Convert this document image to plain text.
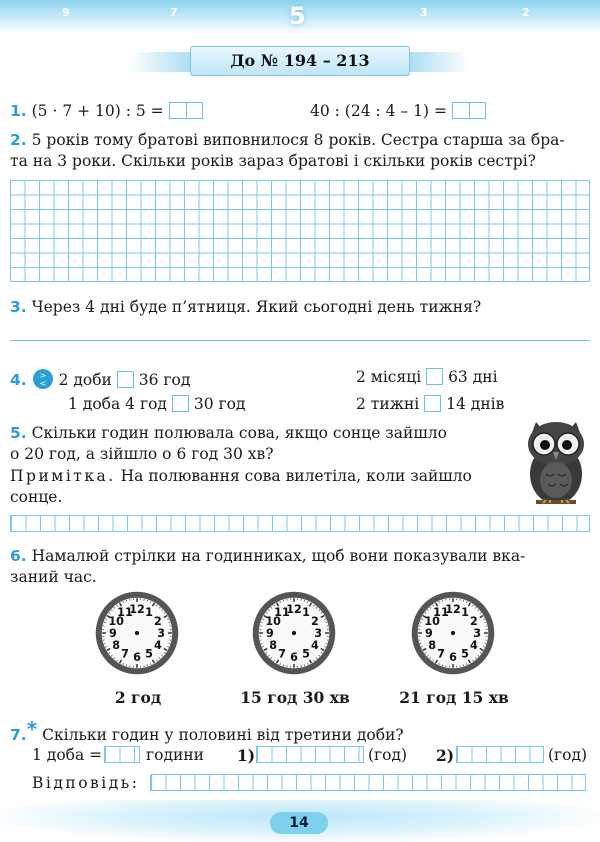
9	7	5	3	2
До № 194 – 213
1. (5 · 7 + 10) : 5 =	40 : (24 : 4 – 1) =
2. 5 років тому братові виповнилося 8 років. Сестра старша за бра-
та на 3 роки. Скільки років зараз братові і скільки років сестрі?
3. Через 4 дні буде п’ятниця. Який сьогодні день тижня?
4. >
< 2 доби 36 год	2 місяці 63 дні
1 доба 4 год 30 год	2 тижні 14 днів
5. Скільки годин полювала сова, якщо сонце зайшло
о 20 год, а зійшло о 6 год 30 хв?
Примітка. На полювання сова вилетіла, коли зайшло
сонце.
6. Намалюй стрілки на годинниках, щоб вони показували вка-
заний час.
12 1
2
3
4
5
6
7
8
9
10
11	12 1
2
3
4
5
6
7
8
9
10
11	12 1
2
3
4
5
6
7
8
9
10
11
2 год	15 год 30 хв	21 год 15 хв
7.* Скільки годин у половині від третини доби?
1 доба =	години 1)	(год) 2)	(год)
Відповідь:
14
